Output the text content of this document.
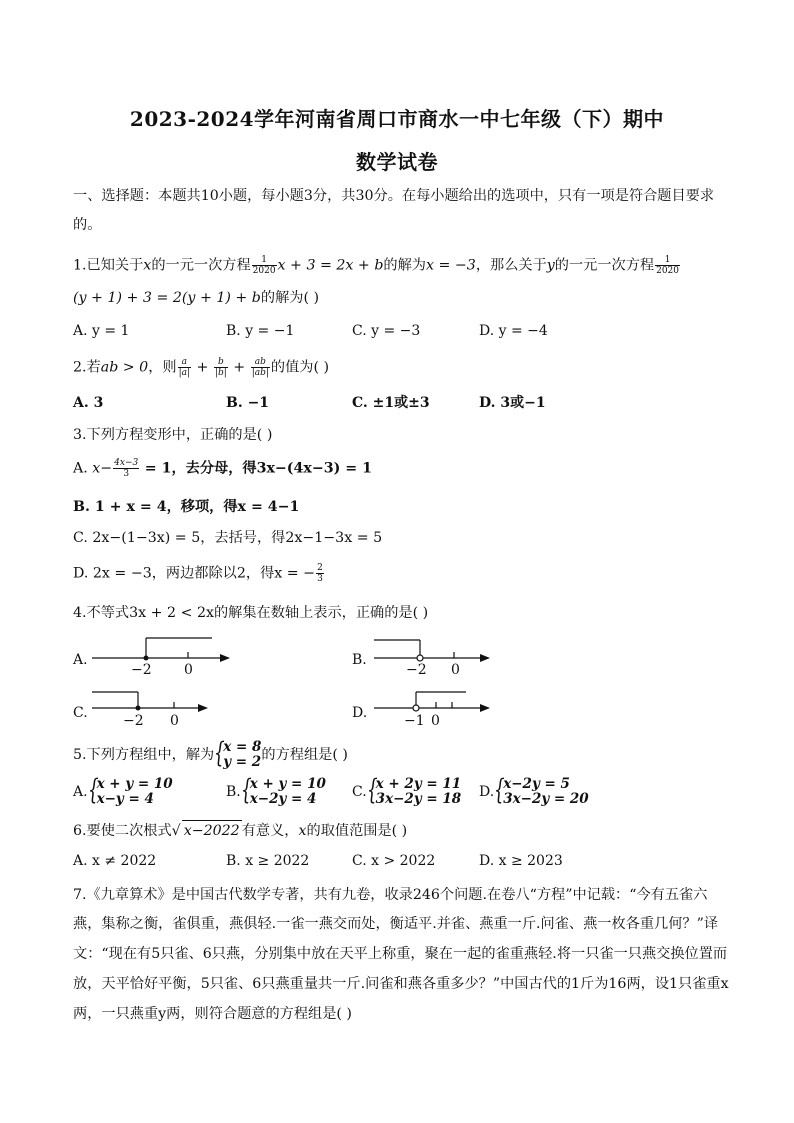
2023-2024学年河南省周口市商水一中七年级（下）期中
数学试卷
一、选择题：本题共10小题，每小题3分，共30分。在每小题给出的选项中，只有一项是符合题目要求
的。
1.已知关于x的一元一次方程 $\frac{1}{2020}$ x + 3 = 2x + b的解为x = −3，那么关于y的一元一次方程 $\frac{1}{2020}$
(y + 1) + 3 = 2(y + 1) + b的解为( )
A. y = 1	B. y = −1	C. y = −3	D. y = −4
2.若ab > 0，则 $\frac{a}{|a|} + \frac{b}{|b|} + \frac{ab}{|ab|}$ 的值为( )
A. 3	B. −1	C. ±1或±3	D. 3或−1
3.下列方程变形中，正确的是( )
A. $x- \frac{4x-3}{3} = 1$，去分母，得3x−(4x−3) = 1
B. 1 + x = 4，移项，得x = 4−1
C. 2x−(1−3x) = 5，去括号，得2x−1−3x = 5
D. 2x = −3，两边都除以2，得x = − $\frac{2}{3}$
4.不等式3x + 2 < 2x的解集在数轴上表示，正确的是( )
A.
−2 0
B.
−2 0
C.	−2 0	D.	−1 0
5.下列方程组中，解为 {
x = 8
y = 2 的方程组是( )
A. {
x + y = 10
x−y = 4	B. {
x + y = 10
x−2y = 4	C. {
x + 2y = 11
3x−2y = 18 D. {
x−2y = 5
3x−2y = 20
6.要使二次根式√ x−2022 有意义，x的取值范围是( )
A. x ≠ 2022	B. x ≥ 2022	C. x > 2022	D. x ≥ 2023
7.《九章算术》是中国古代数学专著，共有九卷，收录246个问题.在卷八“方程”中记载：“今有五雀六
燕，集称之衡，雀俱重，燕俱轻.一雀一燕交而处，衡适平.并雀、燕重一斤.问雀、燕一枚各重几何？”译
文：“现在有5只雀、6只燕，分别集中放在天平上称重，聚在一起的雀重燕轻.将一只雀一只燕交换位置而
放，天平恰好平衡，5只雀、6只燕重量共一斤.问雀和燕各重多少？”中国古代的1斤为16两，设1只雀重x
两，一只燕重y两，则符合题意的方程组是( )
